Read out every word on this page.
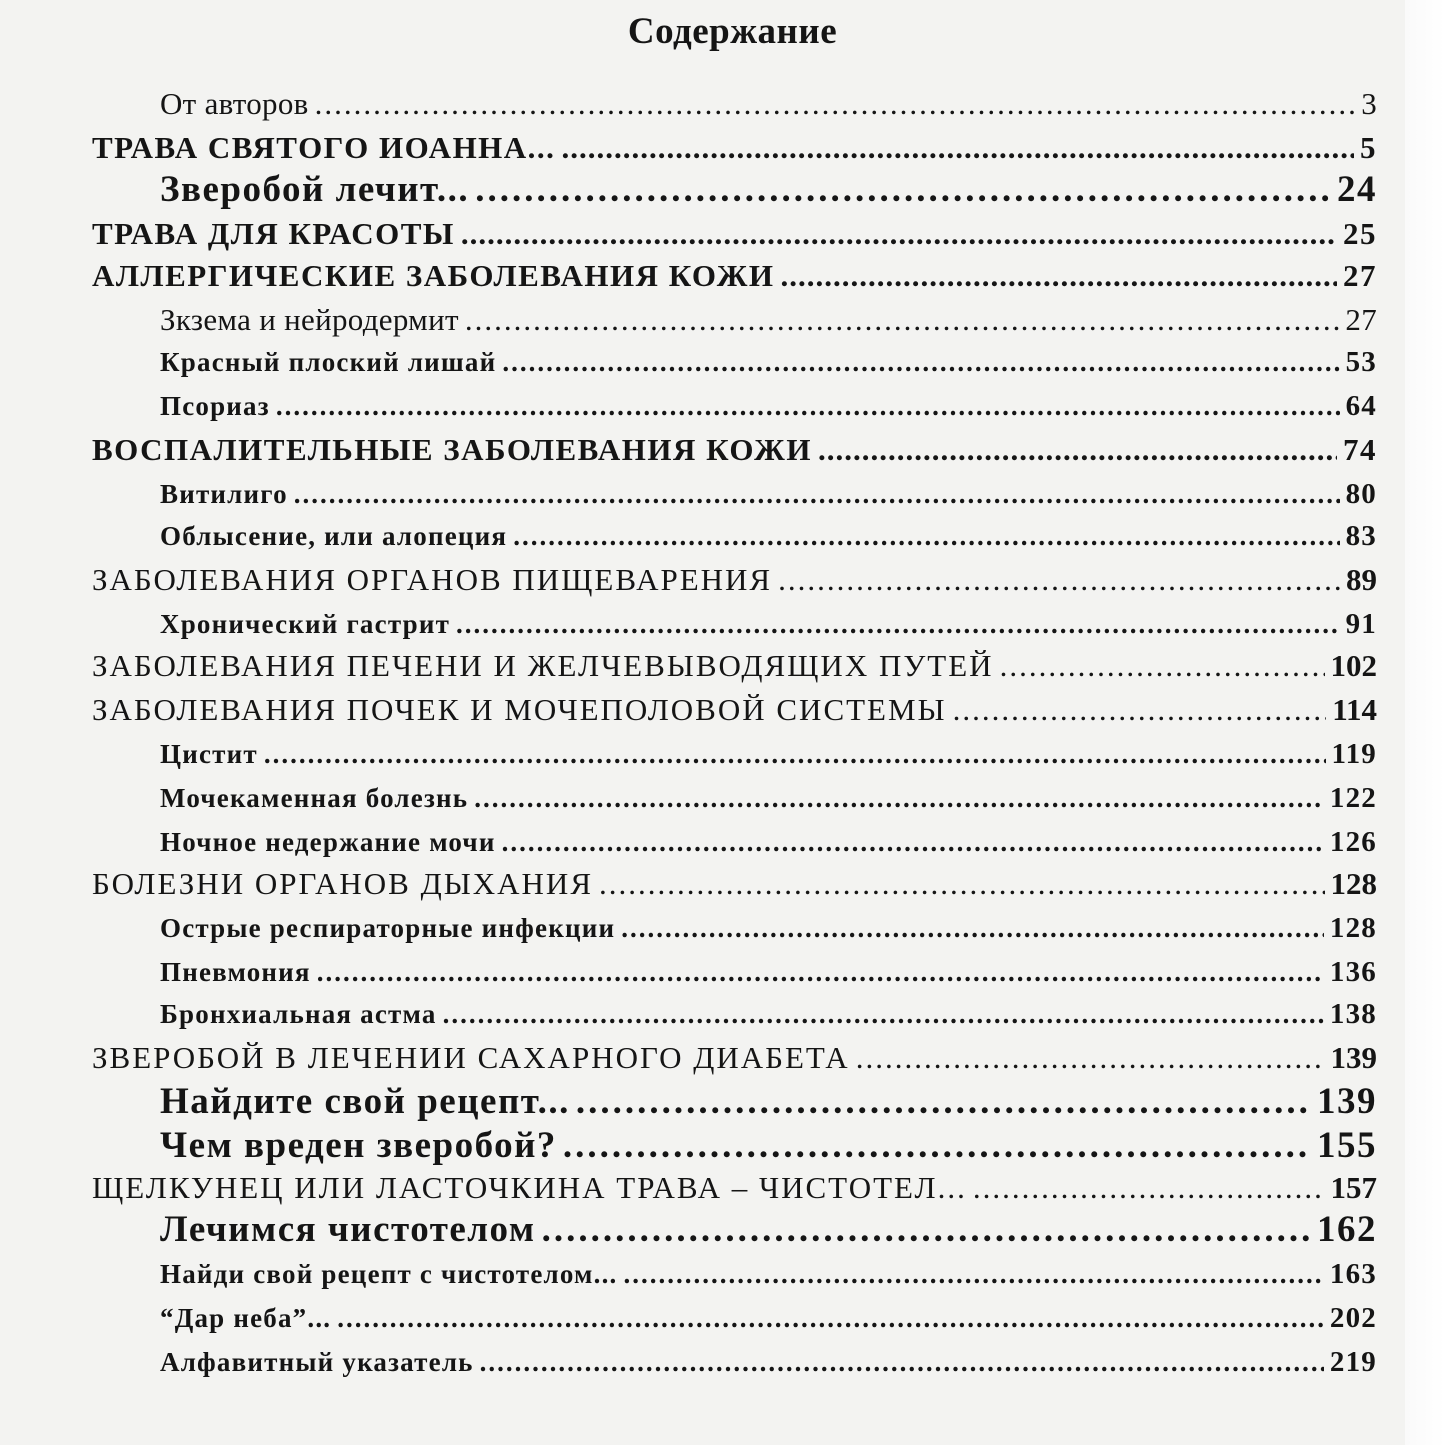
Содержание
От авторов .....	3
ТРАВА СВЯТОГО ИОАННА... .....	5
Зверобой лечит... .....	24
ТРАВА ДЛЯ КРАСОТЫ .....	25
АЛЛЕРГИЧЕСКИЕ ЗАБОЛЕВАНИЯ КОЖИ .....	27
Зкзема и нейродермит .....	27
Красный плоский лишай .....	53
Псориаз .....	64
ВОСПАЛИТЕЛЬНЫЕ ЗАБОЛЕВАНИЯ КОЖИ .....	74
Витилиго .....	80
Облысение, или алопеция .....	83
ЗАБОЛЕВАНИЯ ОРГАНОВ ПИЩЕВАРЕНИЯ .....	89
Хронический гастрит .....	91
ЗАБОЛЕВАНИЯ ПЕЧЕНИ И ЖЕЛЧЕВЫВОДЯЩИХ ПУТЕЙ .....	102
ЗАБОЛЕВАНИЯ ПОЧЕК И МОЧЕПОЛОВОЙ СИСТЕМЫ .....	114
Цистит .....	119
Мочекаменная болезнь .....	122
Ночное недержание мочи .....	126
БОЛЕЗНИ ОРГАНОВ ДЫХАНИЯ .....	128
Острые респираторные инфекции .....	128
Пневмония .....	136
Бронхиальная астма .....	138
ЗВЕРОБОЙ В ЛЕЧЕНИИ САХАРНОГО ДИАБЕТА .....	139
Найдите свой рецепт... .....	139
Чем вреден зверобой? .....	155
ЩЕЛКУНЕЦ ИЛИ ЛАСТОЧКИНА ТРАВА – ЧИСТОТЕЛ... .....	157
Лечимся чистотелом .....	162
Найди свой рецепт с чистотелом... .....	163
“Дар неба”... .....	202
Алфавитный указатель .....	219
